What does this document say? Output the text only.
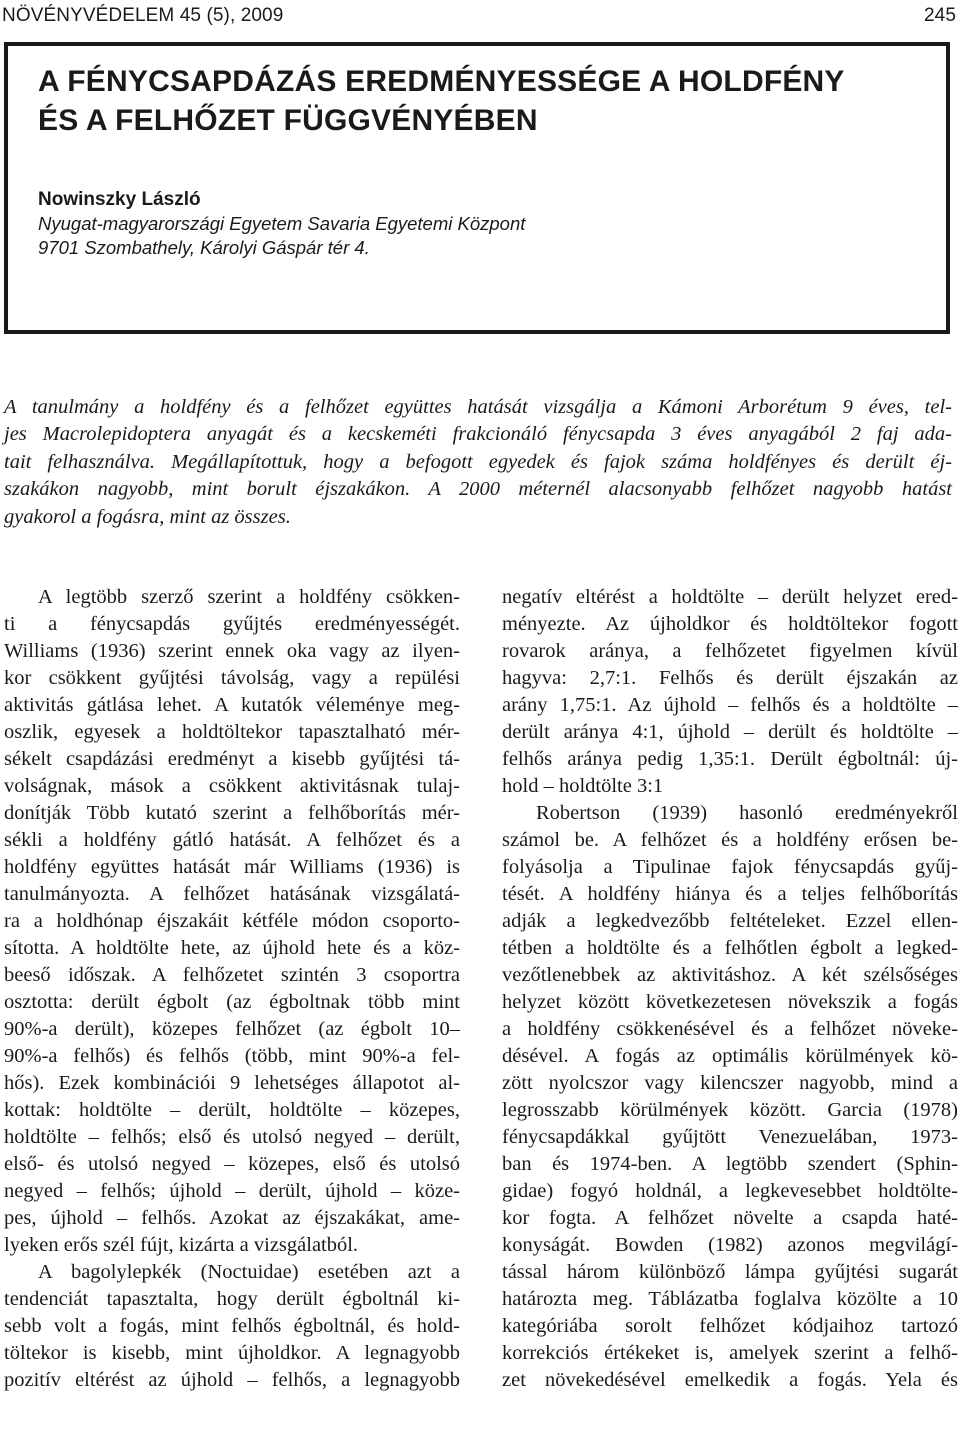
NÖVÉNYVÉDELEM 45 (5), 2009	245
A FÉNYCSAPDÁZÁS EREDMÉNYESSÉGE A HOLDFÉNY
ÉS A FELHŐZET FÜGGVÉNYÉBEN
Nowinszky László
Nyugat-magyarországi Egyetem Savaria Egyetemi Központ
9701 Szombathely, Károlyi Gáspár tér 4.

A tanulmány a holdfény és a felhőzet együttes hatását vizsgálja a Kámoni Arborétum 9 éves, tel-
jes Macrolepidoptera anyagát és a kecskeméti frakcionáló fénycsapda 3 éves anyagából 2 faj ada-
tait felhasználva. Megállapítottuk, hogy a befogott egyedek és fajok száma holdfényes és derült éj-
szakákon nagyobb, mint borult éjszakákon. A 2000 méternél alacsonyabb felhőzet nagyobb hatást
gyakorol a fogásra, mint az összes.

A legtöbb szerző szerint a holdfény csökken-
ti a fénycsapdás gyűjtés eredményességét.
Williams (1936) szerint ennek oka vagy az ilyen-
kor csökkent gyűjtési távolság, vagy a repülési
aktivitás gátlása lehet. A kutatók véleménye meg-
oszlik, egyesek a holdtöltekor tapasztalható mér-
sékelt csapdázási eredményt a kisebb gyűjtési tá-
volságnak, mások a csökkent aktivitásnak tulaj-
donítják Több kutató szerint a felhőborítás mér-
sékli a holdfény gátló hatását. A felhőzet és a
holdfény együttes hatását már Williams (1936) is
tanulmányozta. A felhőzet hatásának vizsgálatá-
ra a holdhónap éjszakáit kétféle módon csoporto-
sította. A holdtölte hete, az újhold hete és a köz-
beeső időszak. A felhőzetet szintén 3 csoportra
osztotta: derült égbolt (az égboltnak több mint
90%-a derült), közepes felhőzet (az égbolt 10–
90%-a felhős) és felhős (több, mint 90%-a fel-
hős). Ezek kombinációi 9 lehetséges állapotot al-
kottak: holdtölte – derült, holdtölte – közepes,
holdtölte – felhős; első és utolsó negyed – derült,
első- és utolsó negyed – közepes, első és utolsó
negyed – felhős; újhold – derült, újhold – köze-
pes, újhold – felhős. Azokat az éjszakákat, ame-
lyeken erős szél fújt, kizárta a vizsgálatból.

A bagolylepkék (Noctuidae) esetében azt a
tendenciát tapasztalta, hogy derült égboltnál ki-
sebb volt a fogás, mint felhős égboltnál, és hold-
töltekor is kisebb, mint újholdkor. A legnagyobb
pozitív eltérést az újhold – felhős, a legnagyobb

negatív eltérést a holdtölte – derült helyzet ered-
ményezte. Az újholdkor és holdtöltekor fogott
rovarok aránya, a felhőzetet figyelmen kívül
hagyva: 2,7:1. Felhős és derült éjszakán az
arány 1,75:1. Az újhold – felhős és a holdtölte –
derült aránya 4:1, újhold – derült és holdtölte –
felhős aránya pedig 1,35:1. Derült égboltnál: új-
hold – holdtölte 3:1

Robertson (1939) hasonló eredményekről
számol be. A felhőzet és a holdfény erősen be-
folyásolja a Tipulinae fajok fénycsapdás gyűj-
tését. A holdfény hiánya és a teljes felhőborítás
adják a legkedvezőbb feltételeket. Ezzel ellen-
tétben a holdtölte és a felhőtlen égbolt a legked-
vezőtlenebbek az aktivitáshoz. A két szélsőséges
helyzet között következetesen növekszik a fogás
a holdfény csökkenésével és a felhőzet növeke-
désével. A fogás az optimális körülmények kö-
zött nyolcszor vagy kilencszer nagyobb, mind a
legrosszabb körülmények között. Garcia (1978)
fénycsapdákkal gyűjtött Venezuelában, 1973-
ban és 1974-ben. A legtöbb szendert (Sphin-
gidae) fogyó holdnál, a legkevesebbet holdtölte-
kor fogta. A felhőzet növelte a csapda haté-
konyságát. Bowden (1982) azonos megvilágí-
tással három különböző lámpa gyűjtési sugarát
határozta meg. Táblázatba foglalva közölte a 10
kategóriába sorolt felhőzet kódjaihoz tartozó
korrekciós értékeket is, amelyek szerint a felhő-
zet növekedésével emelkedik a fogás. Yela és
